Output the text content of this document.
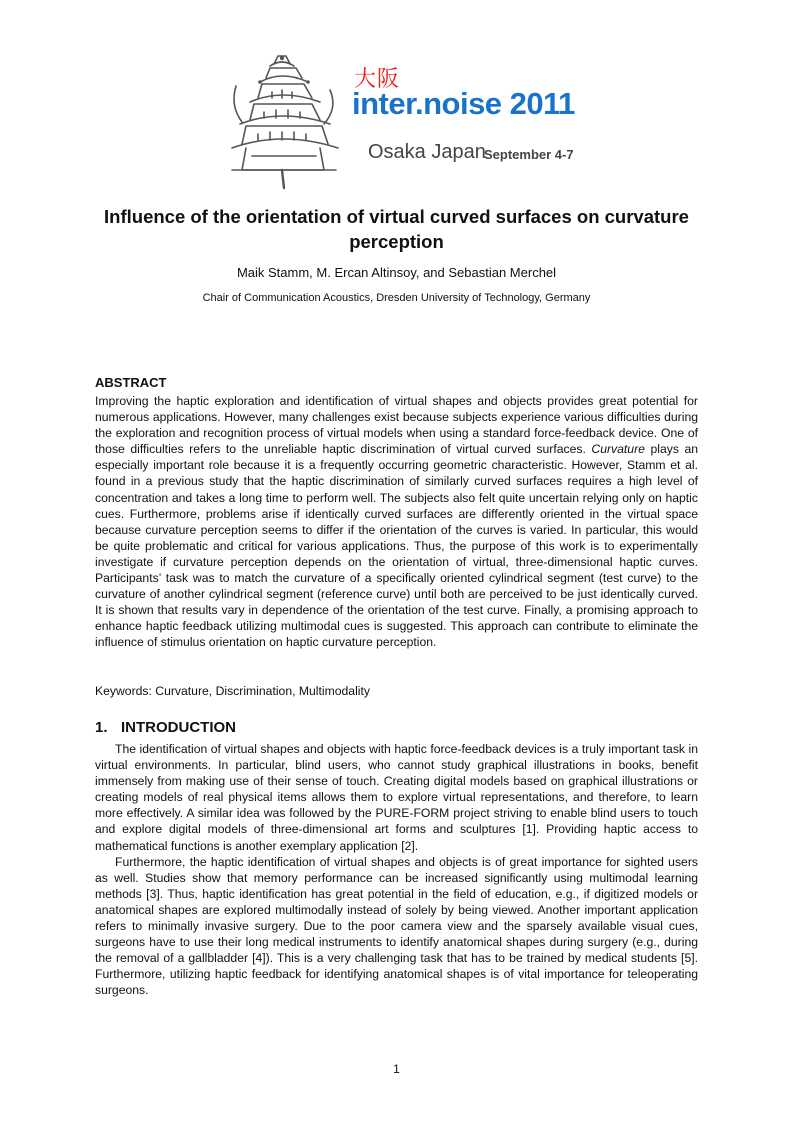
大阪
inter.noise 2011
Osaka Japan
September 4-7
Influence of the orientation of virtual curved surfaces on curvature perception

Maik Stamm, M. Ercan Altinsoy, and Sebastian Merchel

Chair of Communication Acoustics, Dresden University of Technology, Germany

ABSTRACT

Improving the haptic exploration and identification of virtual shapes and objects provides great potential for numerous applications. However, many challenges exist because subjects experience various difficulties during the exploration and recognition process of virtual models when using a standard force-feedback device. One of those difficulties refers to the unreliable haptic discrimination of virtual curved surfaces. Curvature plays an especially important role because it is a frequently occurring geometric characteristic. However, Stamm et al. found in a previous study that the haptic discrimination of similarly curved surfaces requires a high level of concentration and takes a long time to perform well. The subjects also felt quite uncertain relying only on haptic cues. Furthermore, problems arise if identically curved surfaces are differently oriented in the virtual space because curvature perception seems to differ if the orientation of the curves is varied. In particular, this would be quite problematic and critical for various applications. Thus, the purpose of this work is to experimentally investigate if curvature perception depends on the orientation of virtual, three-dimensional haptic curves. Participants’ task was to match the curvature of a specifically oriented cylindrical segment (test curve) to the curvature of another cylindrical segment (reference curve) until both are perceived to be just identically curved. It is shown that results vary in dependence of the orientation of the test curve. Finally, a promising approach to enhance haptic feedback utilizing multimodal cues is suggested. This approach can contribute to eliminate the influence of stimulus orientation on haptic curvature perception.

Keywords: Curvature, Discrimination, Multimodality

1. INTRODUCTION

The identification of virtual shapes and objects with haptic force-feedback devices is a truly important task in virtual environments. In particular, blind users, who cannot study graphical illustrations in books, benefit immensely from making use of their sense of touch. Creating digital models based on graphical illustrations or creating models of real physical items allows them to explore virtual representations, and therefore, to learn more effectively. A similar idea was followed by the PURE-FORM project striving to enable blind users to touch and explore digital models of three-dimensional art forms and sculptures [1]. Providing haptic access to mathematical functions is another exemplary application [2].

Furthermore, the haptic identification of virtual shapes and objects is of great importance for sighted users as well. Studies show that memory performance can be increased significantly using multimodal learning methods [3]. Thus, haptic identification has great potential in the field of education, e.g., if digitized models or anatomical shapes are explored multimodally instead of solely by being viewed. Another important application refers to minimally invasive surgery. Due to the poor camera view and the sparsely available visual cues, surgeons have to use their long medical instruments to identify anatomical shapes during surgery (e.g., during the removal of a gallbladder [4]). This is a very challenging task that has to be trained by medical students [5]. Furthermore, utilizing haptic feedback for identifying anatomical shapes is of vital importance for teleoperating surgeons.

1
